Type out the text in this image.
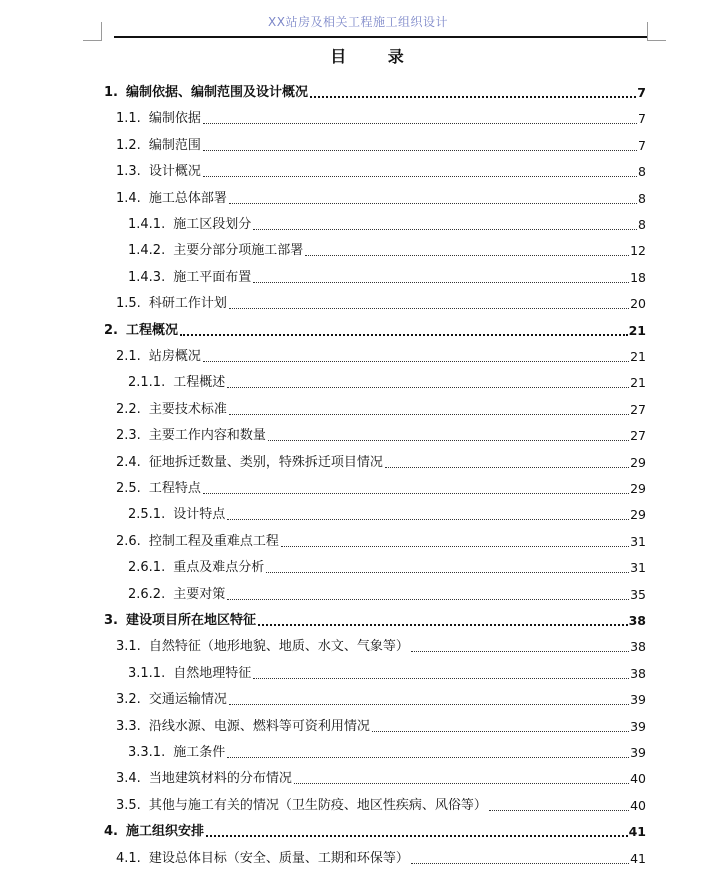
XX站房及相关工程施工组织设计
目 录
1. 编制依据、编制范围及设计概况	7
1.1. 编制依据	7
1.2. 编制范围	7
1.3. 设计概况	8
1.4. 施工总体部署	8
1.4.1. 施工区段划分	8
1.4.2. 主要分部分项施工部署	12
1.4.3. 施工平面布置	18
1.5. 科研工作计划	20
2. 工程概况	21
2.1. 站房概况	21
2.1.1. 工程概述	21
2.2. 主要技术标准	27
2.3. 主要工作内容和数量	27
2.4. 征地拆迁数量、类别，特殊拆迁项目情况	29
2.5. 工程特点	29
2.5.1. 设计特点	29
2.6. 控制工程及重难点工程	31
2.6.1. 重点及难点分析	31
2.6.2. 主要对策	35
3. 建设项目所在地区特征	38
3.1. 自然特征（地形地貌、地质、水文、气象等）	38
3.1.1. 自然地理特征	38
3.2. 交通运输情况	39
3.3. 沿线水源、电源、燃料等可资利用情况	39
3.3.1. 施工条件	39
3.4. 当地建筑材料的分布情况	40
3.5. 其他与施工有关的情况（卫生防疫、地区性疾病、风俗等）	40
4. 施工组织安排	41
4.1. 建设总体目标（安全、质量、工期和环保等）	41
